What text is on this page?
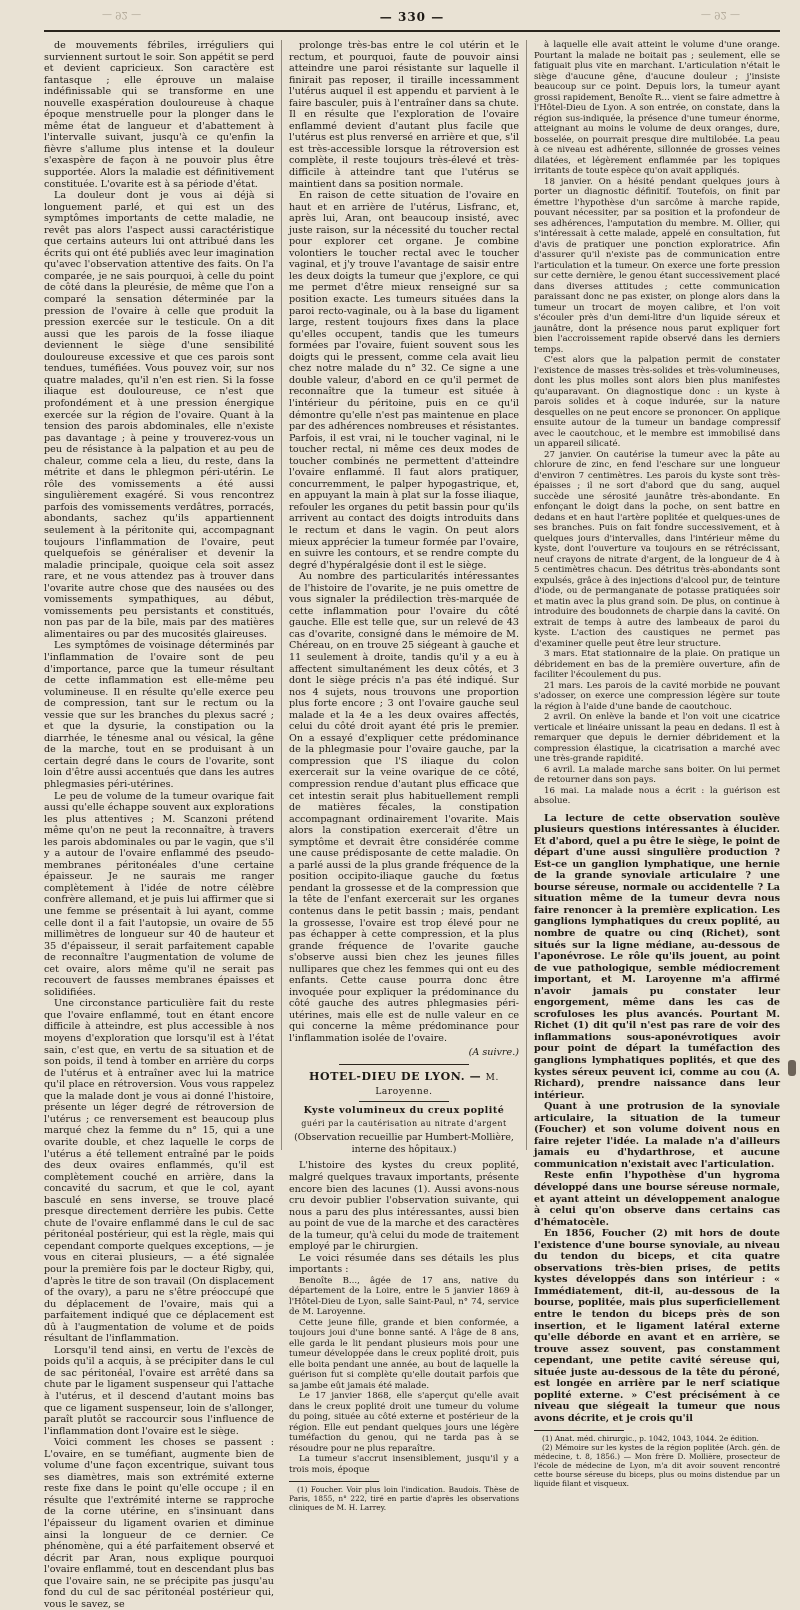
— 92 —	— 330 —	— 92 —

de mouvements fébriles, irréguliers qui surviennent surtout le soir. Son appétit se perd et devient capricieux. Son caractère est fantasque ; elle éprouve un malaise indéfinissable qui se transforme en une nouvelle exaspération douloureuse à chaque époque menstruelle pour la plonger dans le même état de langueur et d'abattement à l'intervalle suivant, jusqu'à ce qu'enfin la fièvre s'allume plus intense et la douleur s'exaspère de façon à ne pouvoir plus être supportée. Alors la maladie est définitivement constituée. L'ovarite est à sa période d'état.

La douleur dont je vous ai déjà si longuement parlé, et qui est un des symptômes importants de cette maladie, ne revêt pas alors l'aspect aussi caractéristique que certains auteurs lui ont attribué dans les écrits qui ont été publiés avec leur imagination qu'avec l'observation attentive des faits. On l'a comparée, je ne sais pourquoi, à celle du point de côté dans la pleurésie, de même que l'on a comparé la sensation déterminée par la pression de l'ovaire à celle que produit la pression exercée sur le testicule. On a dit aussi que les parois de la fosse iliaque deviennent le siège d'une sensibilité douloureuse excessive et que ces parois sont tendues, tuméfiées. Vous pouvez voir, sur nos quatre malades, qu'il n'en est rien. Si la fosse iliaque est douloureuse, ce n'est que profondément et à une pression énergique exercée sur la région de l'ovaire. Quant à la tension des parois abdominales, elle n'existe pas davantage ; à peine y trouverez-vous un peu de résistance à la palpation et au peu de chaleur, comme cela a lieu, du reste, dans la métrite et dans le phlegmon péri-utérin. Le rôle des vomissements a été aussi singulièrement exagéré. Si vous rencontrez parfois des vomissements verdâtres, porracés, abondants, sachez qu'ils appartiennent seulement à la péritonite qui, accompagnant toujours l'inflammation de l'ovaire, peut quelquefois se généraliser et devenir la maladie principale, quoique cela soit assez rare, et ne vous attendez pas à trouver dans l'ovarite autre chose que des nausées ou des vomissements sympathiques, au début, vomissements peu persistants et constitués, non pas par de la bile, mais par des matières alimentaires ou par des mucosités glaireuses.

Les symptômes de voisinage déterminés par l'inflammation de l'ovaire sont de peu d'importance, parce que la tumeur résultant de cette inflammation est elle-même peu volumineuse. Il en résulte qu'elle exerce peu de compression, tant sur le rectum ou la vessie que sur les branches du plexus sacré ; et que la dysurie, la constipation ou la diarrhée, le ténesme anal ou vésical, la gêne de la marche, tout en se produisant à un certain degré dans le cours de l'ovarite, sont loin d'être aussi accentués que dans les autres phlegmasies péri-utérines.

Le peu de volume de la tumeur ovarique fait aussi qu'elle échappe souvent aux explorations les plus attentives ; M. Scanzoni prétend même qu'on ne peut la reconnaître, à travers les parois abdominales ou par le vagin, que s'il y a autour de l'ovaire enflammé des pseudo-membranes péritonéales d'une certaine épaisseur. Je ne saurais me ranger complètement à l'idée de notre célèbre confrère allemand, et je puis lui affirmer que si une femme se présentait à lui ayant, comme celle dont il a fait l'autopsie, un ovaire de 55 millimètres de longueur sur 40 de hauteur et 35 d'épaisseur, il serait parfaitement capable de reconnaître l'augmentation de volume de cet ovaire, alors même qu'il ne serait pas recouvert de fausses membranes épaisses et solidifiées.

Une circonstance particulière fait du reste que l'ovaire enflammé, tout en étant encore difficile à atteindre, est plus accessible à nos moyens d'exploration que lorsqu'il est à l'état sain, c'est que, en vertu de sa situation et de son poids, il tend à tomber en arrière du corps de l'utérus et à entraîner avec lui la matrice qu'il place en rétroversion. Vous vous rappelez que la malade dont je vous ai donné l'histoire, présente un léger degré de rétroversion de l'utérus ; ce renversement est beaucoup plus marqué chez la femme du n° 15, qui a une ovarite double, et chez laquelle le corps de l'utérus a été tellement entraîné par le poids des deux ovaires enflammés, qu'il est complètement couché en arrière, dans la concavité du sacrum, et que le col, ayant basculé en sens inverse, se trouve placé presque directement derrière les pubis. Cette chute de l'ovaire enflammé dans le cul de sac péritonéal postérieur, qui est la règle, mais qui cependant comporte quelques exceptions, — je vous en citerai plusieurs, — a été signalée pour la première fois par le docteur Rigby, qui, d'après le titre de son travail (On displacement of the ovary), a paru ne s'être préoccupé que du déplacement de l'ovaire, mais qui a parfaitement indiqué que ce déplacement est dû à l'augmentation de volume et de poids résultant de l'inflammation.

Lorsqu'il tend ainsi, en vertu de l'excès de poids qu'il a acquis, à se précipiter dans le cul de sac péritonéal, l'ovaire est arrêté dans sa chute par le ligament suspenseur qui l'attache à l'utérus, et il descend d'autant moins bas que ce ligament suspenseur, loin de s'allonger, paraît plutôt se raccourcir sous l'influence de l'inflammation dont l'ovaire est le siège.

Voici comment les choses se passent : L'ovaire, en se tuméfiant, augmente bien de volume d'une façon excentrique, suivant tous ses diamètres, mais son extrémité externe reste fixe dans le point qu'elle occupe ; il en résulte que l'extrémité interne se rapproche de la corne utérine, en s'insinuant dans l'épaisseur du ligament ovarien et diminue ainsi la longueur de ce dernier. Ce phénomène, qui a été parfaitement observé et décrit par Aran, nous explique pourquoi l'ovaire enflammé, tout en descendant plus bas que l'ovaire sain, ne se précipite pas jusqu'au fond du cul de sac péritonéal postérieur qui, vous le savez, se

prolonge très-bas entre le col utérin et le rectum, et pourquoi, faute de pouvoir ainsi atteindre une paroi résistante sur laquelle il finirait pas reposer, il tiraille incessamment l'utérus auquel il est appendu et parvient à le faire basculer, puis à l'entraîner dans sa chute. Il en résulte que l'exploration de l'ovaire enflammé devient d'autant plus facile que l'utérus est plus renversé en arrière et que, s'il est très-accessible lorsque la rétroversion est complète, il reste toujours très-élevé et très-difficile à atteindre tant que l'utérus se maintient dans sa position normale.

En raison de cette situation de l'ovaire en haut et en arrière de l'utérus, Lisfranc, et, après lui, Aran, ont beaucoup insisté, avec juste raison, sur la nécessité du toucher rectal pour explorer cet organe. Je combine volontiers le toucher rectal avec le toucher vaginal, et j'y trouve l'avantage de saisir entre les deux doigts la tumeur que j'explore, ce qui me permet d'être mieux renseigné sur sa position exacte. Les tumeurs situées dans la paroi recto-vaginale, ou à la base du ligament large, restent toujours fixes dans la place qu'elles occupent, tandis que les tumeurs formées par l'ovaire, fuient souvent sous les doigts qui le pressent, comme cela avait lieu chez notre malade du n° 32. Ce signe a une double valeur, d'abord en ce qu'il permet de reconnaître que la tumeur est située à l'intérieur du péritoine, puis en ce qu'il démontre qu'elle n'est pas maintenue en place par des adhérences nombreuses et résistantes. Parfois, il est vrai, ni le toucher vaginal, ni le toucher rectal, ni même ces deux modes de toucher combinés ne permettent d'atteindre l'ovaire enflammé. Il faut alors pratiquer, concurremment, le palper hypogastrique, et, en appuyant la main à plat sur la fosse iliaque, refouler les organes du petit bassin pour qu'ils arrivent au contact des doigts introduits dans le rectum et dans le vagin. On peut alors mieux apprécier la tumeur formée par l'ovaire, en suivre les contours, et se rendre compte du degré d'hypéralgésie dont il est le siège.

Au nombre des particularités intéressantes de l'histoire de l'ovarite, je ne puis omettre de vous signaler la prédilection très-marquée de cette inflammation pour l'ovaire du côté gauche. Elle est telle que, sur un relevé de 43 cas d'ovarite, consigné dans le mémoire de M. Chéreau, on en trouve 25 siégeant à gauche et 11 seulement à droite, tandis qu'il y a eu à affectent simultanément les deux côtés, et 3 dont le siège précis n'a pas été indiqué. Sur nos 4 sujets, nous trouvons une proportion plus forte encore ; 3 ont l'ovaire gauche seul malade et la 4e a les deux ovaires affectés, celui du côté droit ayant été pris le premier. On a essayé d'expliquer cette prédominance de la phlegmasie pour l'ovaire gauche, par la compression que l'S iliaque du colon exercerait sur la veine ovarique de ce côté, compression rendue d'autant plus efficace que cet intestin serait plus habituellement rempli de matières fécales, la constipation accompagnant ordinairement l'ovarite. Mais alors la constipation exercerait d'être un symptôme et devrait être considérée comme une cause prédisposante de cette maladie. On a parlé aussi de la plus grande fréquence de la position occipito-iliaque gauche du fœtus pendant la grossesse et de la compression que la tête de l'enfant exercerait sur les organes contenus dans le petit bassin ; mais, pendant la grossesse, l'ovaire est trop élevé pour ne pas échapper à cette compression, et la plus grande fréquence de l'ovarite gauche s'observe aussi bien chez les jeunes filles nullipares que chez les femmes qui ont eu des enfants. Cette cause pourra donc être invoquée pour expliquer la prédominance du côté gauche des autres phlegmasies péri-utérines, mais elle est de nulle valeur en ce qui concerne la même prédominance pour l'inflammation isolée de l'ovaire.

(A suivre.)
HOTEL-DIEU DE LYON. — M. Laroyenne.
Kyste volumineux du creux poplité
guéri par la cautérisation au nitrate d'argent
(Observation recueillie par Humbert-Mollière, interne des hôpitaux.)

L'histoire des kystes du creux poplité, malgré quelques travaux importants, présente encore bien des lacunes (1). Aussi avons-nous cru devoir publier l'observation suivante, qui nous a paru des plus intéressantes, aussi bien au point de vue de la marche et des caractères de la tumeur, qu'à celui du mode de traitement employé par le chirurgien.

Le voici résumée dans ses détails les plus importants :

Benoîte B..., âgée de 17 ans, native du département de la Loire, entre le 5 janvier 1869 à l'Hôtel-Dieu de Lyon, salle Saint-Paul, n° 74, service de M. Laroyenne.

Cette jeune fille, grande et bien conformée, a toujours joui d'une bonne santé. A l'âge de 8 ans, elle garda le lit pendant plusieurs mois pour une tumeur développée dans le creux poplité droit, puis elle boita pendant une année, au bout de laquelle la guérison fut si complète qu'elle doutait parfois que sa jambe eût jamais été malade.

Le 17 janvier 1868, elle s'aperçut qu'elle avait dans le creux poplité droit une tumeur du volume du poing, située au côté externe et postérieur de la région. Elle eut pendant quelques jours une légère tuméfaction du genou, qui ne tarda pas à se résoudre pour ne plus reparaître.

La tumeur s'accrut insensiblement, jusqu'il y a trois mois, époque

(1) Foucher. Voir plus loin l'indication. Baudois. Thèse de Paris, 1855, n° 222, tiré en partie d'après les observations cliniques de M. H. Larrey.

à laquelle elle avait atteint le volume d'une orange. Pourtant la malade ne boitait pas ; seulement, elle se fatiguait plus vite en marchant. L'articulation n'était le siège d'aucune gêne, d'aucune douleur ; j'insiste beaucoup sur ce point. Depuis lors, la tumeur ayant grossi rapidement, Benoîte R... vient se faire admettre à l'Hôtel-Dieu de Lyon. A son entrée, on constate, dans la région sus-indiquée, la présence d'une tumeur énorme, atteignant au moins le volume de deux oranges, dure, bosselée, on pourrait presque dire multilobée. La peau à ce niveau est adhérente, sillonnée de grosses veines dilatées, et légèrement enflammée par les topiques irritants de toute espèce qu'on avait appliqués.

18 janvier. On a hésité pendant quelques jours à porter un diagnostic définitif. Toutefois, on finit par émettre l'hypothèse d'un sarcôme à marche rapide, pouvant nécessiter, par sa position et la profondeur de ses adhérences, l'amputation du membre. M. Ollier, qui s'intéressait à cette malade, appelé en consultation, fut d'avis de pratiquer une ponction exploratrice. Afin d'assurer qu'il n'existe pas de communication entre l'articulation et la tumeur. On exerce une forte pression sur cette dernière, le genou étant successivement placé dans diverses attitudes ; cette communication paraissant donc ne pas exister, on plonge alors dans la tumeur un trocart de moyen calibre, et l'on voit s'écouler près d'un demi-litre d'un liquide séreux et jaunâtre, dont la présence nous parut expliquer fort bien l'accroissement rapide observé dans les derniers temps.

C'est alors que la palpation permit de constater l'existence de masses très-solides et très-volumineuses, dont les plus molles sont alors bien plus manifestes qu'auparavant. On diagnostique donc : un kyste à parois solides et à coque indurée, sur la nature desquelles on ne peut encore se prononcer. On applique ensuite autour de la tumeur un bandage compressif avec le caoutchouc, et le membre est immobilisé dans un appareil silicaté.

27 janvier. On cautérise la tumeur avec la pâte au chlorure de zinc, en fend l'eschare sur une longueur d'environ 7 centimètres. Les parois du kyste sont très-épaisses ; il ne sort d'abord que du sang, auquel succède une sérosité jaunâtre très-abondante. En enfonçant le doigt dans la poche, on sent battre en dedans et en haut l'artère poplitée et quelques-unes de ses branches. Puis on fait fondre successivement, et à quelques jours d'intervalles, dans l'intérieur même du kyste, dont l'ouverture va toujours en se rétrécissant, neuf crayons de nitrate d'argent, de la longueur de 4 à 5 centimètres chacun. Des détritus très-abondants sont expulsés, grâce à des injections d'alcool pur, de teinture d'iode, ou de permanganate de potasse pratiquées soir et matin avec la plus grand soin. De plus, on continue à introduire des boudonnets de charpie dans la cavité. On extrait de temps à autre des lambeaux de paroi du kyste. L'action des caustiques ne permet pas d'examiner quelle peut être leur structure.

3 mars. Etat stationnaire de la plaie. On pratique un débridement en bas de la première ouverture, afin de faciliter l'écoulement du pus.

21 mars. Les parois de la cavité morbide ne pouvant s'adosser, on exerce une compression légère sur toute la région à l'aide d'une bande de caoutchouc.

2 avril. On enlève la bande et l'on voit une cicatrice verticale et linéaire unissant la peau en dedans. Il est à remarquer que depuis le dernier débridement et la compression élastique, la cicatrisation a marché avec une très-grande rapidité.

6 avril. La malade marche sans boiter. On lui permet de retourner dans son pays.

16 mai. La malade nous a écrit : la guérison est absolue.

La lecture de cette observation soulève plusieurs questions intéressantes à élucider. Et d'abord, quel a pu être le siège, le point de départ d'une aussi singulière production ? Est-ce un ganglion lymphatique, une hernie de la grande synoviale articulaire ? une bourse séreuse, normale ou accidentelle ? La situation même de la tumeur devra nous faire renoncer à la première explication. Les ganglions lymphatiques du creux poplité, au nombre de quatre ou cinq (Richet), sont situés sur la ligne médiane, au-dessous de l'aponévrose. Le rôle qu'ils jouent, au point de vue pathologique, semble médiocrement important, et M. Laroyenne m'a affirmé n'avoir jamais pu constater leur engorgement, même dans les cas de scrofuloses les plus avancés. Pourtant M. Richet (1) dit qu'il n'est pas rare de voir des inflammations sous-aponévrotiques avoir pour point de départ la tuméfaction des ganglions lymphatiques poplités, et que des kystes séreux peuvent ici, comme au cou (A. Richard), prendre naissance dans leur intérieur.

Quant à une protrusion de la synoviale articulaire, la situation de la tumeur (Foucher) et son volume doivent nous en faire rejeter l'idée. La malade n'a d'ailleurs jamais eu d'hydarthrose, et aucune communication n'existait avec l'articulation.

Reste enfin l'hypothèse d'un hygroma développé dans une bourse séreuse normale, et ayant atteint un développement analogue à celui qu'on observe dans certains cas d'hématocèle.

En 1856, Foucher (2) mit hors de doute l'existence d'une bourse synoviale, au niveau du tendon du biceps, et cita quatre observations très-bien prises, de petits kystes développés dans son intérieur : « Immédiatement, dit-il, au-dessous de la bourse, poplitée, mais plus superficiellement entre le tendon du biceps près de son insertion, et le ligament latéral externe qu'elle déborde en avant et en arrière, se trouve assez souvent, pas constamment cependant, une petite cavité séreuse qui, située juste au-dessous de la tête du péroné, est longée en arrière par le nerf sciatique poplité externe. » C'est précisément à ce niveau que siégeait la tumeur que nous avons décrite, et je crois qu'il

(1) Anat. méd. chirurgic., p. 1042, 1043, 1044. 2e édition.

(2) Mémoire sur les kystes de la région poplitée (Arch. gén. de médecine, t. 8, 1856.) — Mon frère D. Mollière, prosecteur de l'école de médecine de Lyon, m'a dit avoir souvent rencontré cette bourse séreuse du biceps, plus ou moins distendue par un liquide filant et visqueux.
